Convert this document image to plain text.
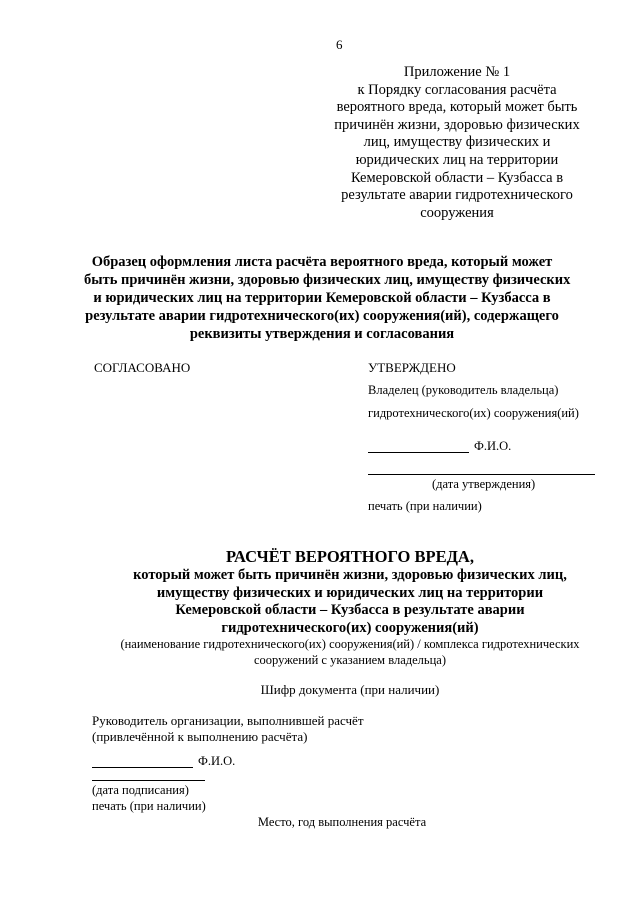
6
Приложение № 1
к Порядку согласования расчёта
вероятного вреда, который может быть
причинён жизни, здоровью физических
лиц, имуществу физических и
юридических лиц на территории
Кемеровской области – Кузбасса в
результате аварии гидротехнического
сооружения
Образец оформления листа расчёта вероятного вреда, который может
быть причинён жизни, здоровью физических лиц, имуществу физических
и юридических лиц на территории Кемеровской области – Кузбасса в
результате аварии гидротехнического(их) сооружения(ий), содержащего
реквизиты утверждения и согласования
СОГЛАСОВАНО	УТВЕРЖДЕНО
Владелец (руководитель владельца)
гидротехнического(их) сооружения(ий)
Ф.И.О.
(дата утверждения)
печать (при наличии)
РАСЧЁТ ВЕРОЯТНОГО ВРЕДА,
который может быть причинён жизни, здоровью физических лиц,
имуществу физических и юридических лиц на территории
Кемеровской области – Кузбасса в результате аварии
гидротехнического(их) сооружения(ий)
(наименование гидротехнического(их) сооружения(ий) / комплекса гидротехнических
сооружений с указанием владельца)
Шифр документа (при наличии)
Руководитель организации, выполнившей расчёт
(привлечённой к выполнению расчёта)
Ф.И.О.
(дата подписания)
печать (при наличии)
Место, год выполнения расчёта
